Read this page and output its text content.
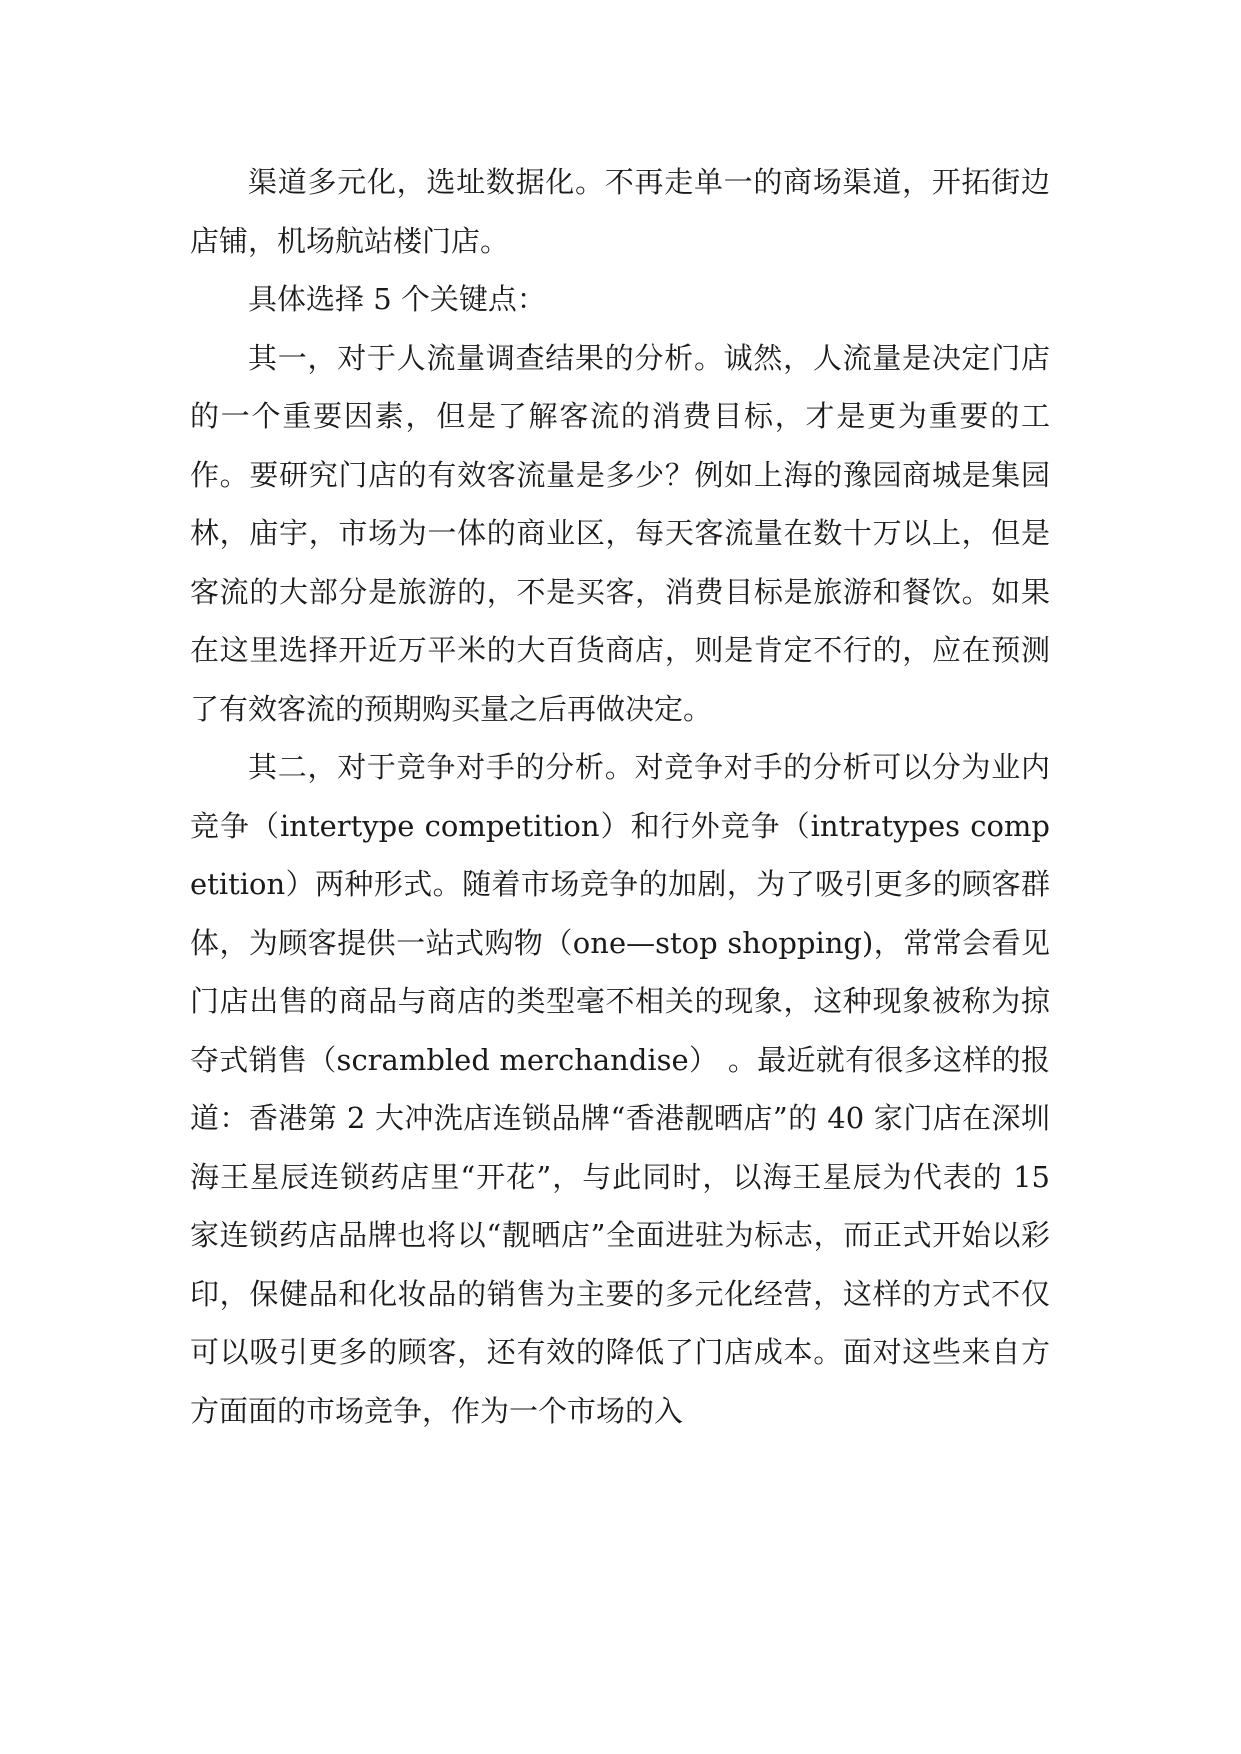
渠道多元化，选址数据化。不再走单一的商场渠道，开拓街边店铺，机场航站楼门店。

具体选择 5 个关键点：

其一，对于人流量调查结果的分析。诚然，人流量是决定门店的一个重要因素，但是了解客流的消费目标，才是更为重要的工作。要研究门店的有效客流量是多少？例如上海的豫园商城是集园林，庙宇，市场为一体的商业区，每天客流量在数十万以上，但是客流的大部分是旅游的，不是买客，消费目标是旅游和餐饮。如果在这里选择开近万平米的大百货商店，则是肯定不行的，应在预测了有效客流的预期购买量之后再做决定。

其二，对于竞争对手的分析。对竞争对手的分析可以分为业内竞争（intertype competition）和行外竞争（intratypes competition）两种形式。随着市场竞争的加剧，为了吸引更多的顾客群体，为顾客提供一站式购物（one—stop shopping)，常常会看见门店出售的商品与商店的类型毫不相关的现象，这种现象被称为掠夺式销售（scrambled merchandise） 。最近就有很多这样的报道：香港第 2 大冲洗店连锁品牌“香港靓晒店”的 40 家门店在深圳海王星辰连锁药店里“开花”，与此同时，以海王星辰为代表的 15 家连锁药店品牌也将以“靓晒店”全面进驻为标志，而正式开始以彩印，保健品和化妆品的销售为主要的多元化经营，这样的方式不仅可以吸引更多的顾客，还有效的降低了门店成本。面对这些来自方方面面的市场竞争，作为一个市场的入
